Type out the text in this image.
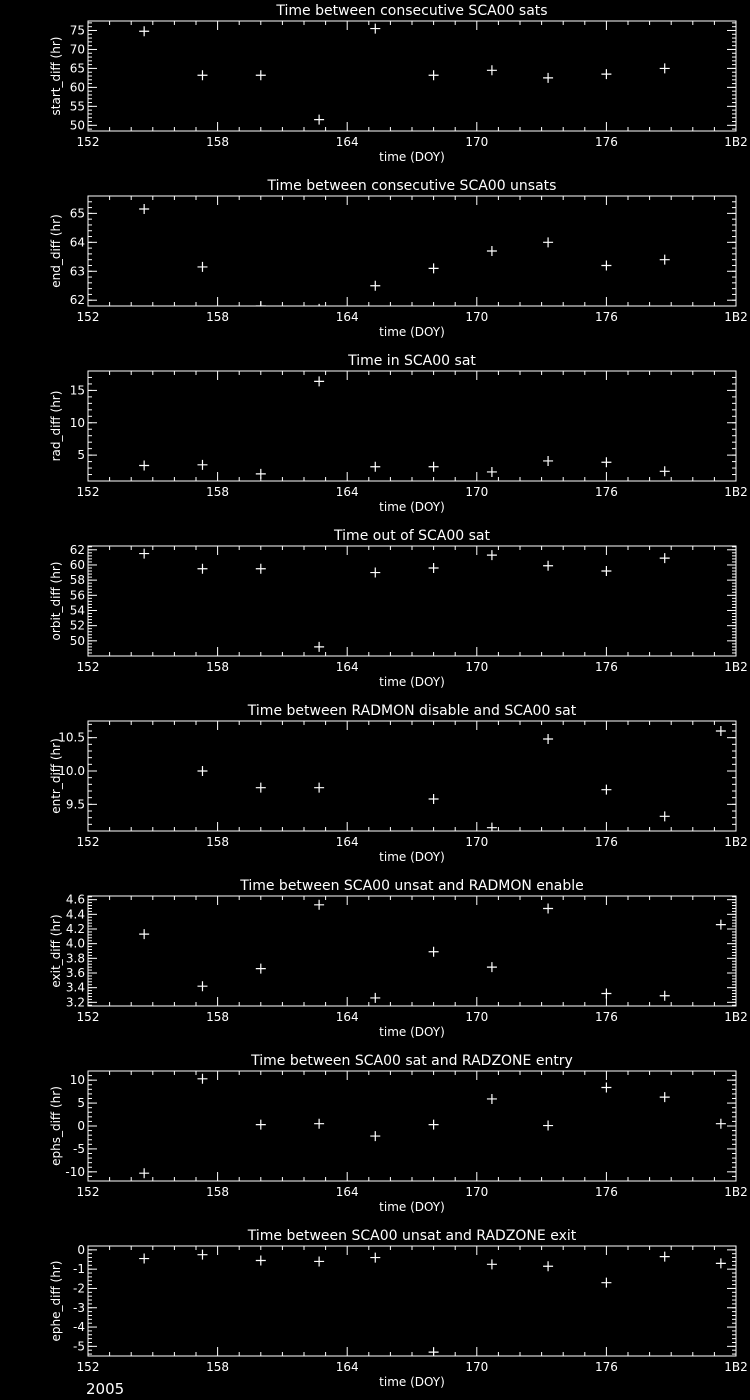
Time between consecutive SCA00 sats
152	158	164	170	176	1B2
50
55
60
65
70
75
time (DOY)
start_diff (hr)
Time between consecutive SCA00 unsats
152	158	164	170	176	1B2
62
63
64
65
time (DOY)
end_diff (hr)
Time in SCA00 sat
152	158	164	170	176	1B2
5
10
15
time (DOY)
rad_diff (hr)
Time out of SCA00 sat
152	158	164	170	176	1B2
50
52
54
56
58
60
62
time (DOY)
orbit_diff (hr)
Time between RADMON disable and SCA00 sat
152	158	164	170	176	1B2
9.5
10.0
10.5
time (DOY)
entr_diff (hr)
Time between SCA00 unsat and RADMON enable
152	158	164	170	176	1B2
3.2
3.4
3.6
3.8
4.0
4.2
4.4
4.6
time (DOY)
exit_diff (hr)
Time between SCA00 sat and RADZONE entry
152	158	164	170	176	1B2
-10
-5
0
5
10
time (DOY)
ephs_diff (hr)
Time between SCA00 unsat and RADZONE exit
152	158	164	170	176	1B2
-5
-4
-3
-2
-1
0
time (DOY)
ephe_diff (hr)
2005
